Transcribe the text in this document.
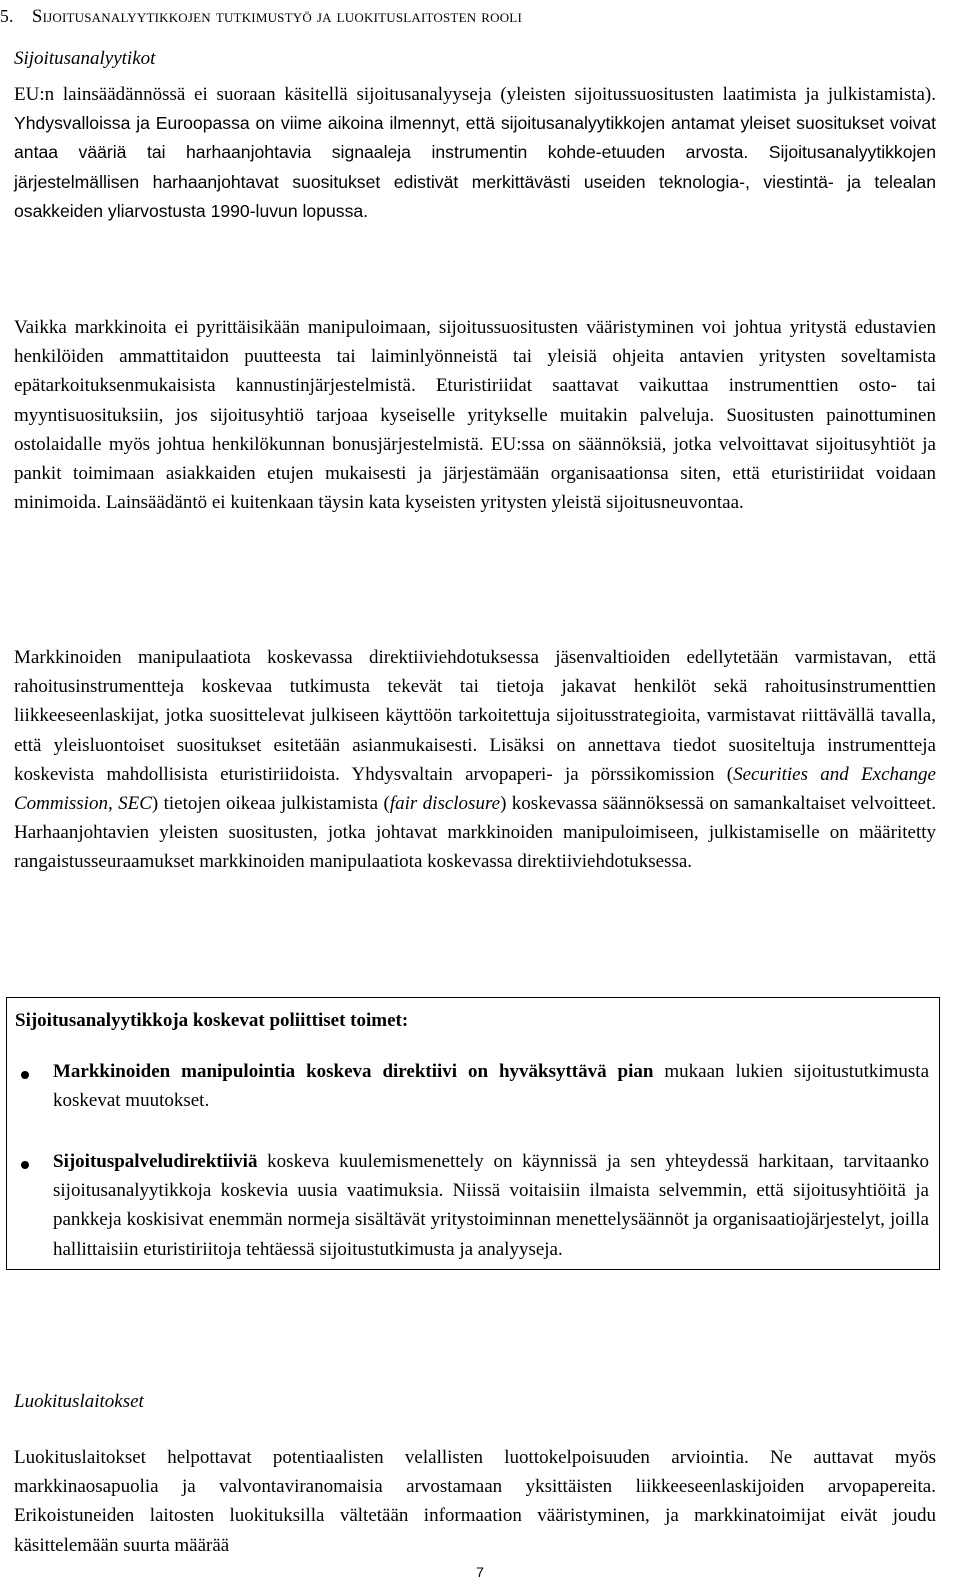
5. Sijoitusanalyytikkojen tutkimustyö ja luokituslaitosten rooli
Sijoitusanalyytikot

EU:n lainsäädännössä ei suoraan käsitellä sijoitusanalyyseja (yleisten sijoitussuositusten laatimista ja julkistamista). Yhdysvalloissa ja Euroopassa on viime aikoina ilmennyt, että sijoitusanalyytikkojen antamat yleiset suositukset voivat antaa vääriä tai harhaanjohtavia signaaleja instrumentin kohde-etuuden arvosta. Sijoitusanalyytikkojen järjestelmällisen harhaanjohtavat suositukset edistivät merkittävästi useiden teknologia-, viestintä- ja telealan osakkeiden yliarvostusta 1990-luvun lopussa.

Vaikka markkinoita ei pyrittäisikään manipuloimaan, sijoitussuositusten vääristyminen voi johtua yritystä edustavien henkilöiden ammattitaidon puutteesta tai laiminlyönneistä tai yleisiä ohjeita antavien yritysten soveltamista epätarkoituksenmukaisista kannustinjärjestelmistä. Eturistiriidat saattavat vaikuttaa instrumenttien osto- tai myyntisuosituksiin, jos sijoitusyhtiö tarjoaa kyseiselle yritykselle muitakin palveluja. Suositusten painottuminen ostolaidalle myös johtua henkilökunnan bonusjärjestelmistä. EU:ssa on säännöksiä, jotka velvoittavat sijoitusyhtiöt ja pankit toimimaan asiakkaiden etujen mukaisesti ja järjestämään organisaationsa siten, että eturistiriidat voidaan minimoida. Lainsäädäntö ei kuitenkaan täysin kata kyseisten yritysten yleistä sijoitusneuvontaa.

Markkinoiden manipulaatiota koskevassa direktiiviehdotuksessa jäsenvaltioiden edellytetään varmistavan, että rahoitusinstrumentteja koskevaa tutkimusta tekevät tai tietoja jakavat henkilöt sekä rahoitusinstrumenttien liikkeeseenlaskijat, jotka suosittelevat julkiseen käyttöön tarkoitettuja sijoitusstrategioita, varmistavat riittävällä tavalla, että yleisluontoiset suositukset esitetään asianmukaisesti. Lisäksi on annettava tiedot suositeltuja instrumentteja koskevista mahdollisista eturistiriidoista. Yhdysvaltain arvopaperi- ja pörssikomission (Securities and Exchange Commission, SEC) tietojen oikeaa julkistamista (fair disclosure) koskevassa säännöksessä on samankaltaiset velvoitteet. Harhaanjohtavien yleisten suositusten, jotka johtavat markkinoiden manipuloimiseen, julkistamiselle on määritetty rangaistusseuraamukset markkinoiden manipulaatiota koskevassa direktiiviehdotuksessa.

Sijoitusanalyytikkoja koskevat poliittiset toimet:

Markkinoiden manipulointia koskeva direktiivi on hyväksyttävä pian mukaan lukien sijoitustutkimusta koskevat muutokset.

Sijoituspalveludirektiiviä koskeva kuulemismenettely on käynnissä ja sen yhteydessä harkitaan, tarvitaanko sijoitusanalyytikkoja koskevia uusia vaatimuksia. Niissä voitaisiin ilmaista selvemmin, että sijoitusyhtiöitä ja pankkeja koskisivat enemmän normeja sisältävät yritystoiminnan menettelysäännöt ja organisaatiojärjestelyt, joilla hallittaisiin eturistiriitoja tehtäessä sijoitustutkimusta ja analyyseja.

Luokituslaitokset

Luokituslaitokset helpottavat potentiaalisten velallisten luottokelpoisuuden arviointia. Ne auttavat myös markkinaosapuolia ja valvontaviranomaisia arvostamaan yksittäisten liikkeeseenlaskijoiden arvopapereita. Erikoistuneiden laitosten luokituksilla vältetään informaation vääristyminen, ja markkinatoimijat eivät joudu käsittelemään suurta määrää

7
